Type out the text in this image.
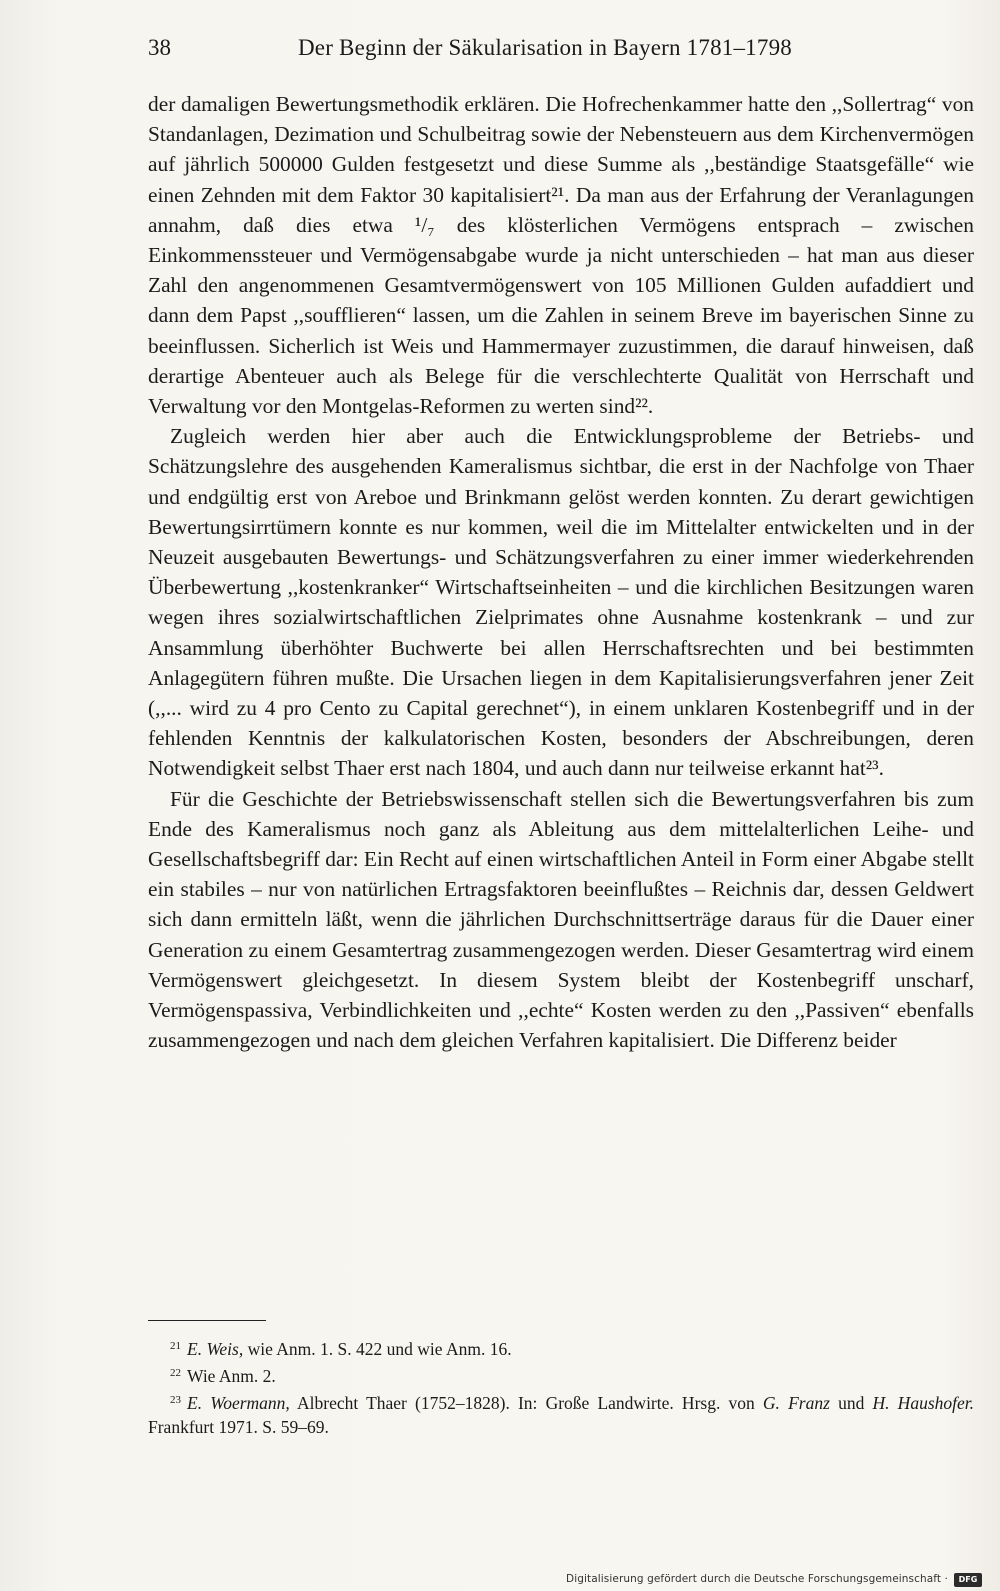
38	Der Beginn der Säkularisation in Bayern 1781–1798

der damaligen Bewertungsmethodik erklären. Die Hofrechenkammer hatte den ,,Sollertrag“ von Standanlagen, Dezimation und Schulbeitrag sowie der Nebensteuern aus dem Kirchenvermögen auf jährlich 500000 Gulden festgesetzt und diese Summe als ,,beständige Staatsgefälle“ wie einen Zehnden mit dem Faktor 30 kapitalisiert²¹. Da man aus der Erfahrung der Veranlagungen annahm, daß dies etwa ¹/₇ des klösterlichen Vermögens entsprach – zwischen Einkommenssteuer und Vermögensabgabe wurde ja nicht unterschieden – hat man aus dieser Zahl den angenommenen Gesamtvermögenswert von 105 Millionen Gulden aufaddiert und dann dem Papst ,,soufflieren“ lassen, um die Zahlen in seinem Breve im bayerischen Sinne zu beeinflussen. Sicherlich ist Weis und Hammermayer zuzustimmen, die darauf hinweisen, daß derartige Abenteuer auch als Belege für die verschlechterte Qualität von Herrschaft und Verwaltung vor den Montgelas-Reformen zu werten sind²².

Zugleich werden hier aber auch die Entwicklungsprobleme der Betriebs- und Schätzungslehre des ausgehenden Kameralismus sichtbar, die erst in der Nachfolge von Thaer und endgültig erst von Areboe und Brinkmann gelöst werden konnten. Zu derart gewichtigen Bewertungsirrtümern konnte es nur kommen, weil die im Mittelalter entwickelten und in der Neuzeit ausgebauten Bewertungs- und Schätzungsverfahren zu einer immer wiederkehrenden Überbewertung ,,kostenkranker“ Wirtschaftseinheiten – und die kirchlichen Besitzungen waren wegen ihres sozialwirtschaftlichen Zielprimates ohne Ausnahme kostenkrank – und zur Ansammlung überhöhter Buchwerte bei allen Herrschaftsrechten und bei bestimmten Anlagegütern führen mußte. Die Ursachen liegen in dem Kapitalisierungsverfahren jener Zeit (,,... wird zu 4 pro Cento zu Capital gerechnet“), in einem unklaren Kostenbegriff und in der fehlenden Kenntnis der kalkulatorischen Kosten, besonders der Abschreibungen, deren Notwendigkeit selbst Thaer erst nach 1804, und auch dann nur teilweise erkannt hat²³.

Für die Geschichte der Betriebswissenschaft stellen sich die Bewertungsverfahren bis zum Ende des Kameralismus noch ganz als Ableitung aus dem mittelalterlichen Leihe- und Gesellschaftsbegriff dar: Ein Recht auf einen wirtschaftlichen Anteil in Form einer Abgabe stellt ein stabiles – nur von natürlichen Ertragsfaktoren beeinflußtes – Reichnis dar, dessen Geldwert sich dann ermitteln läßt, wenn die jährlichen Durchschnittserträge daraus für die Dauer einer Generation zu einem Gesamtertrag zusammengezogen werden. Dieser Gesamtertrag wird einem Vermögenswert gleichgesetzt. In diesem System bleibt der Kostenbegriff unscharf, Vermögenspassiva, Verbindlichkeiten und ,,echte“ Kosten werden zu den ,,Passiven“ ebenfalls zusammengezogen und nach dem gleichen Verfahren kapitalisiert. Die Differenz beider

$^{21}$ E. Weis, wie Anm. 1. S. 422 und wie Anm. 16.

$^{22}$ Wie Anm. 2.

$^{23}$ E. Woermann, Albrecht Thaer (1752–1828). In: Große Landwirte. Hrsg. von G. Franz und H. Haushofer. Frankfurt 1971. S. 59–69.

Digitalisierung gefördert durch die Deutsche Forschungsgemeinschaft ·	DFG
